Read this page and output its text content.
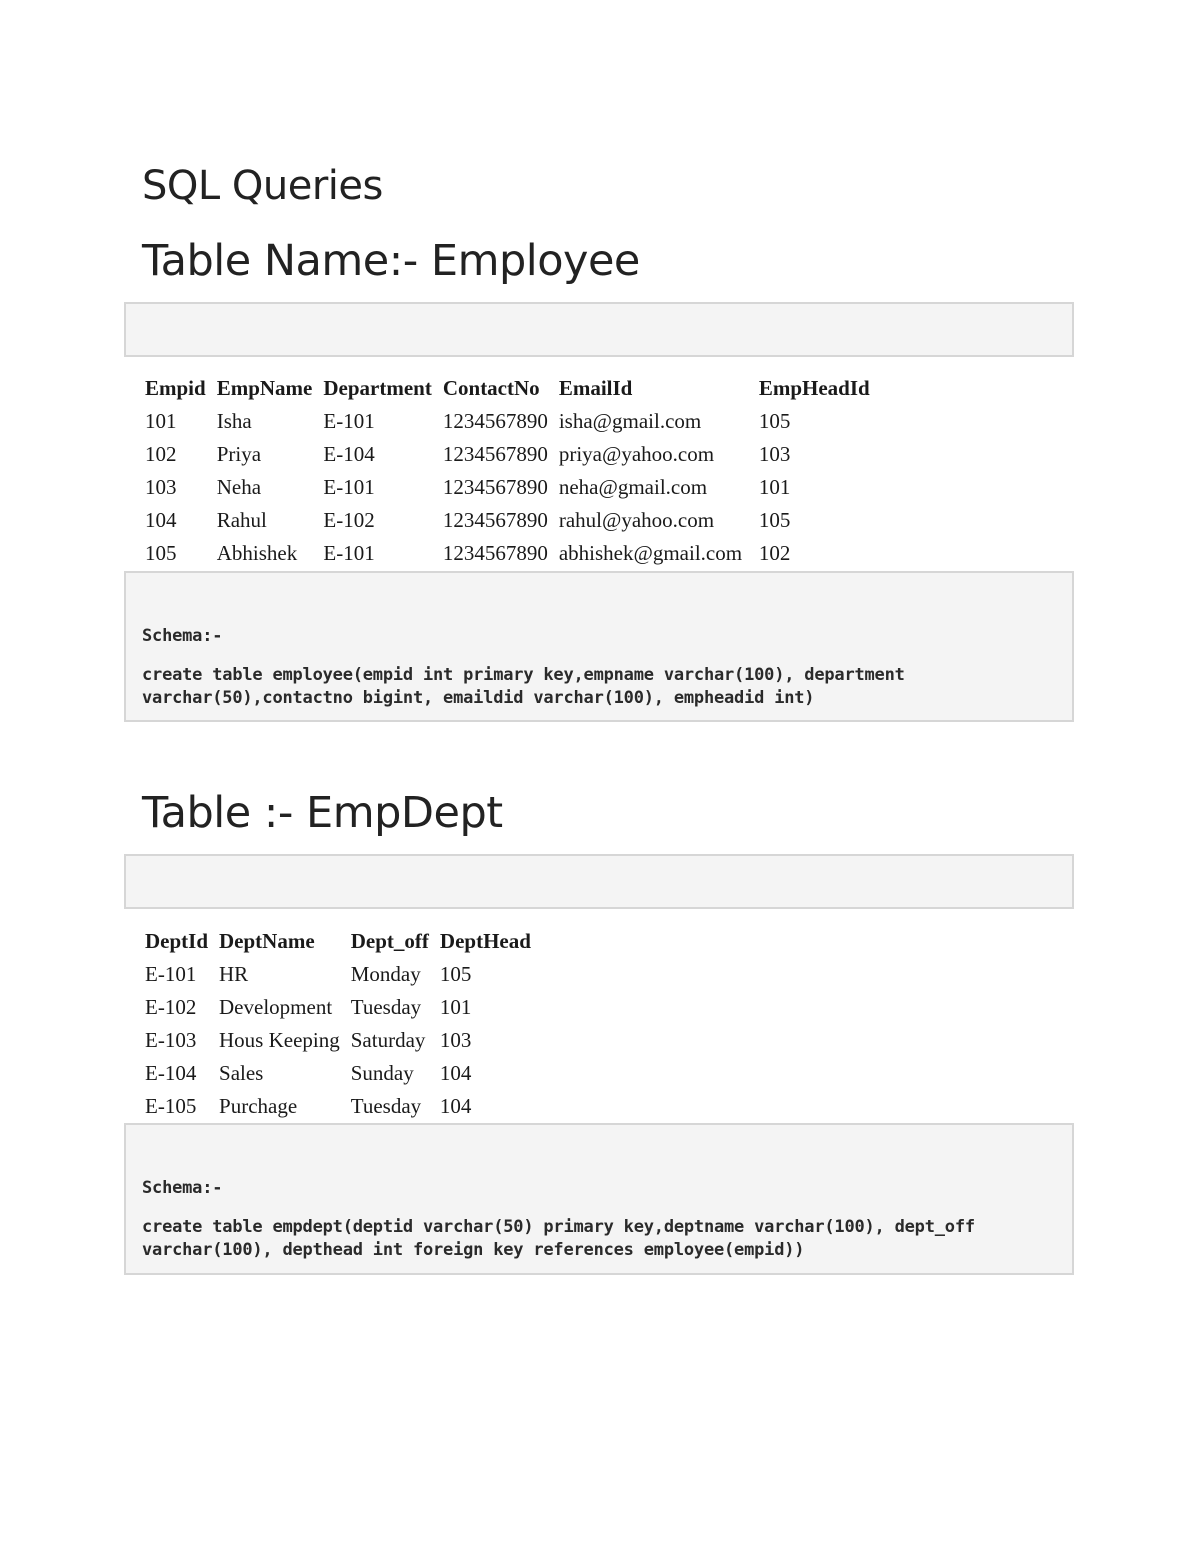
SQL Queries
Table Name:- Employee
Empid	EmpName	Department	ContactNo	EmailId	EmpHeadId
101	Isha	E-101	1234567890	isha@gmail.com	105
102	Priya	E-104	1234567890	priya@yahoo.com	103
103	Neha	E-101	1234567890	neha@gmail.com	101
104	Rahul	E-102	1234567890	rahul@yahoo.com	105
105	Abhishek	E-101	1234567890	abhishek@gmail.com	102

Schema:-

create table employee(empid int primary key,empname varchar(100), department varchar(50),contactno bigint, emaildid varchar(100), empheadid int)

Table :- EmpDept
DeptId	DeptName	Dept_off	DeptHead
E-101	HR	Monday	105
E-102	Development	Tuesday	101
E-103	Hous Keeping	Saturday	103
E-104	Sales	Sunday	104
E-105	Purchage	Tuesday	104

Schema:-

create table empdept(deptid varchar(50) primary key,deptname varchar(100), dept_off varchar(100), depthead int foreign key references employee(empid))
